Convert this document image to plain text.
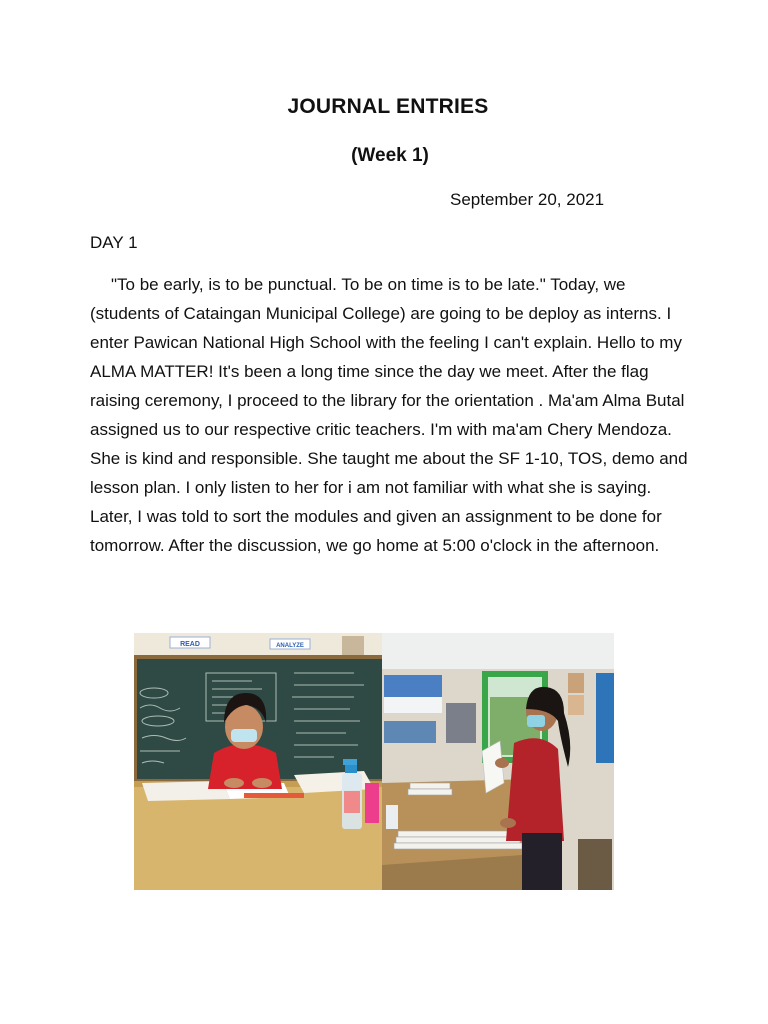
JOURNAL ENTRIES
(Week 1)
September 20, 2021
DAY 1

"To be early, is to be punctual. To be on time is to be late." Today, we (students of Cataingan Municipal College) are going to be deploy as interns. I enter Pawican National High School with the feeling I can't explain. Hello to my ALMA MATTER! It's been a long time since the day we meet. After the flag raising ceremony, I proceed to the library for the orientation . Ma'am Alma Butal assigned us to our respective critic teachers. I'm with ma'am Chery Mendoza. She is kind and responsible. She taught me about the SF 1-10, TOS, demo and lesson plan. I only listen to her for i am not familiar with what she is saying. Later, I was told to sort the modules and given an assignment to be done for tomorrow. After the discussion, we go home at 5:00 o'clock in the afternoon.

READ	ANALYZE
